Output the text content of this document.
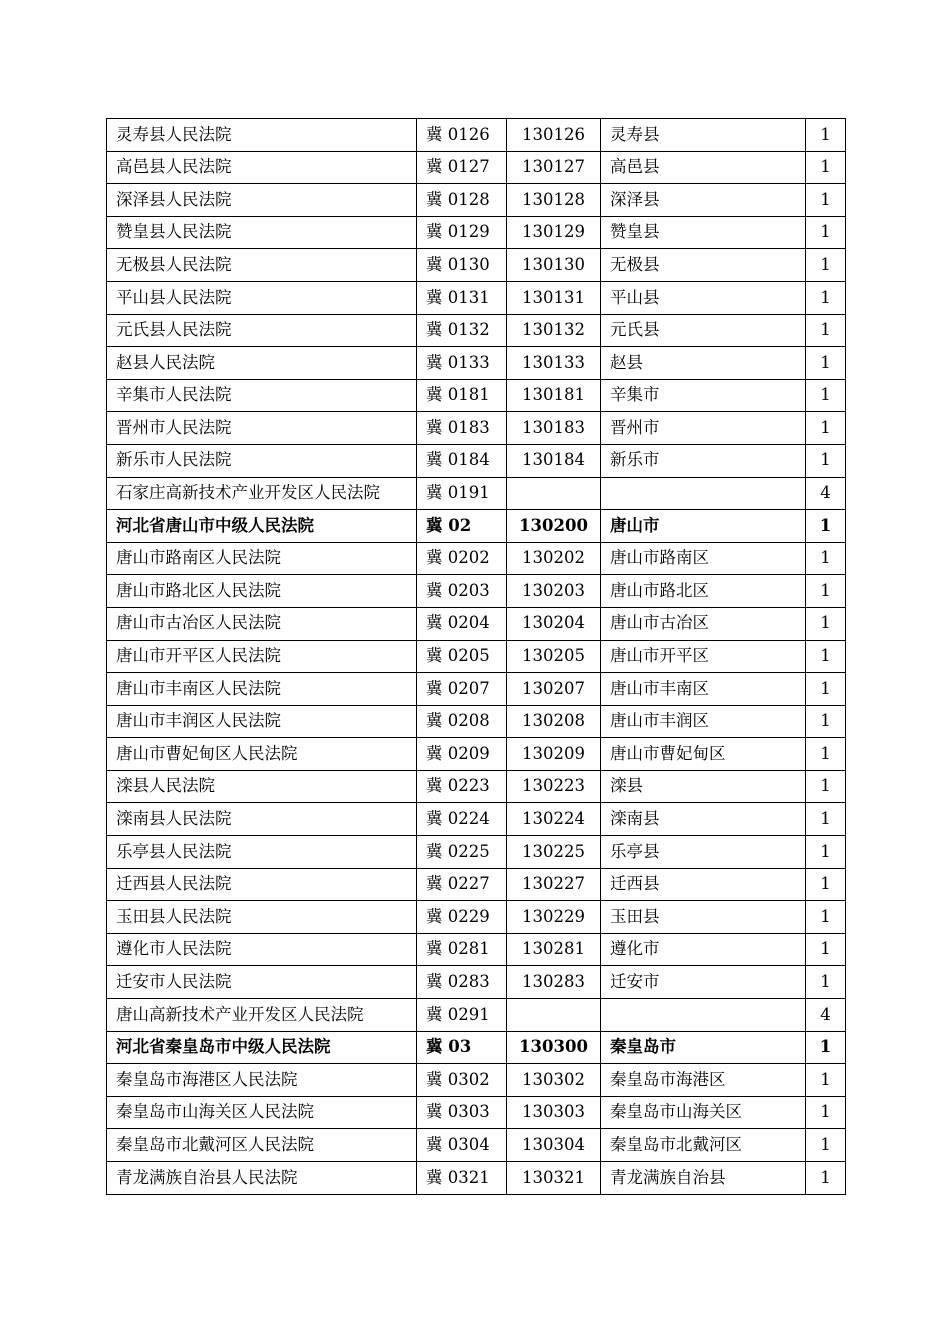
灵寿县人民法院	冀 0126	130126	灵寿县	1
高邑县人民法院	冀 0127	130127	高邑县	1
深泽县人民法院	冀 0128	130128	深泽县	1
赞皇县人民法院	冀 0129	130129	赞皇县	1
无极县人民法院	冀 0130	130130	无极县	1
平山县人民法院	冀 0131	130131	平山县	1
元氏县人民法院	冀 0132	130132	元氏县	1
赵县人民法院	冀 0133	130133	赵县	1
辛集市人民法院	冀 0181	130181	辛集市	1
晋州市人民法院	冀 0183	130183	晋州市	1
新乐市人民法院	冀 0184	130184	新乐市	1
石家庄高新技术产业开发区人民法院	冀 0191			4
河北省唐山市中级人民法院	冀 02	130200	唐山市	1
唐山市路南区人民法院	冀 0202	130202	唐山市路南区	1
唐山市路北区人民法院	冀 0203	130203	唐山市路北区	1
唐山市古冶区人民法院	冀 0204	130204	唐山市古冶区	1
唐山市开平区人民法院	冀 0205	130205	唐山市开平区	1
唐山市丰南区人民法院	冀 0207	130207	唐山市丰南区	1
唐山市丰润区人民法院	冀 0208	130208	唐山市丰润区	1
唐山市曹妃甸区人民法院	冀 0209	130209	唐山市曹妃甸区	1
滦县人民法院	冀 0223	130223	滦县	1
滦南县人民法院	冀 0224	130224	滦南县	1
乐亭县人民法院	冀 0225	130225	乐亭县	1
迁西县人民法院	冀 0227	130227	迁西县	1
玉田县人民法院	冀 0229	130229	玉田县	1
遵化市人民法院	冀 0281	130281	遵化市	1
迁安市人民法院	冀 0283	130283	迁安市	1
唐山高新技术产业开发区人民法院	冀 0291			4
河北省秦皇岛市中级人民法院	冀 03	130300	秦皇岛市	1
秦皇岛市海港区人民法院	冀 0302	130302	秦皇岛市海港区	1
秦皇岛市山海关区人民法院	冀 0303	130303	秦皇岛市山海关区	1
秦皇岛市北戴河区人民法院	冀 0304	130304	秦皇岛市北戴河区	1
青龙满族自治县人民法院	冀 0321	130321	青龙满族自治县	1
